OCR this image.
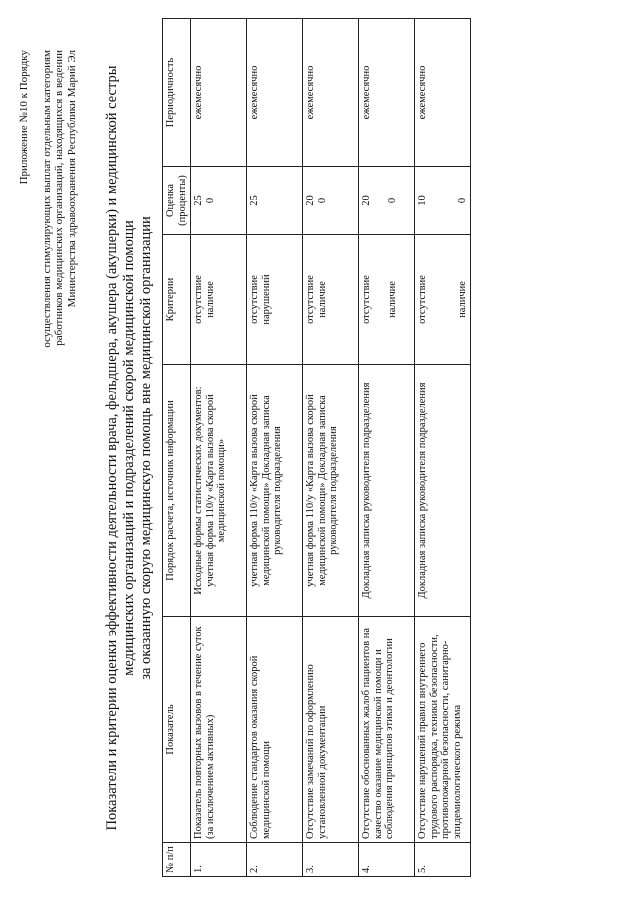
Приложение №10 к Порядку осуществления стимулирующих выплат отдельным категориям работников медицинских организаций, находящихся в ведении Министерства здравоохранения Республики Марий Эл Показатели и критерии оценки эффективности деятельности врача, фельдшера, акушера (акушерки) и медицинской сестры медицинских организаций и подразделений скорой медицинской помощи за оказанную скорую медицинскую помощь вне медицинской организации
№ п/п	Показатель	Порядок расчета, источник информации	Критерии	Оценка (проценты)	Периодичность
1.	Показатель повторных вызовов в течение суток (за исключением активных)	Исходные формы статистических документов: учетная форма 110/у «Карта вызова скорой медицинской помощи»	отсутствие наличие	25 0	ежемесячно
2.	Соблюдение стандартов оказания скорой медицинской помощи	учетная форма 110/у «Карта вызова скорой медицинской помощи» Докладная записка руководителя подразделения	отсутствие нарушений	25	ежемесячно
3.	Отсутствие замечаний по оформлению установленной документации	учетная форма 110/у «Карта вызова скорой медицинской помощи» Докладная записка руководителя подразделения	отсутствие наличие	20 0	ежемесячно
4.	Отсутствие обоснованных жалоб пациентов на качество оказание медицинской помощи и соблюдения принципов этики и деонтологии	Докладная записка руководителя подразделения	отсутствие наличие	20 0	ежемесячно
5.	Отсутствие нарушений правил внутреннего трудового распорядка, техники безопасности, противопожарной безопасности, санитарно-эпидемиологического режима	Докладная записка руководителя подразделения	отсутствие наличие	10 0	ежемесячно
